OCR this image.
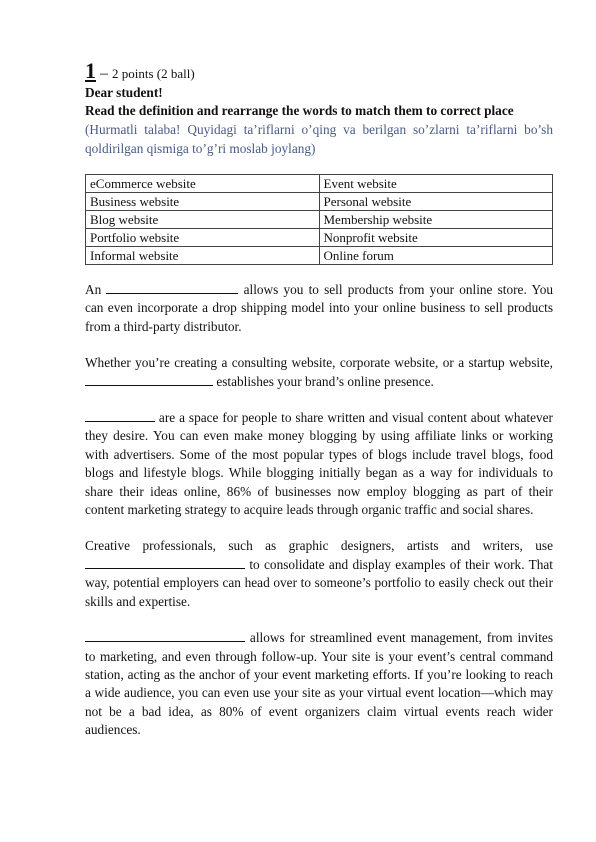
1 – 2 points (2 ball)
Dear student!
Read the definition and rearrange the words to match them to correct place
(Hurmatli talaba! Quyidagi ta’riflarni o’qing va berilgan so’zlarni ta’riflarni bo’sh qoldirilgan qismiga to’g’ri moslab joylang)
eCommerce website	Event website
Business website	Personal website
Blog website	Membership website
Portfolio website	Nonprofit website
Informal website	Online forum

An	allows you to sell products from your online store. You can even incorporate a drop shipping model into your online business to sell products from a third-party distributor.

Whether you’re creating a consulting website, corporate website, or a startup website,  establishes your brand’s online presence.

are a space for people to share written and visual content about whatever they desire. You can even make money blogging by using affiliate links or working with advertisers. Some of the most popular types of blogs include travel blogs, food blogs and lifestyle blogs. While blogging initially began as a way for individuals to share their ideas online, 86% of businesses now employ blogging as part of their content marketing strategy to acquire leads through organic traffic and social shares.

Creative professionals, such as graphic designers, artists and writers, use  to consolidate and display examples of their work. That way, potential employers can head over to someone’s portfolio to easily check out their skills and expertise.

allows for streamlined event management, from invites to marketing, and even through follow-up. Your site is your event’s central command station, acting as the anchor of your event marketing efforts. If you’re looking to reach a wide audience, you can even use your site as your virtual event location—which may not be a bad idea, as 80% of event organizers claim virtual events reach wider audiences.
